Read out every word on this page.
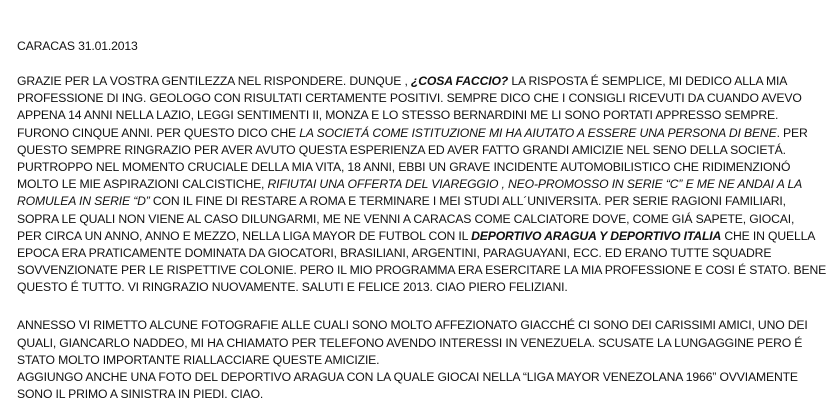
CARACAS 31.01.2013
GRAZIE PER LA VOSTRA GENTILEZZA NEL RISPONDERE. DUNQUE , ¿COSA FACCIO? LA RISPOSTA É SEMPLICE, MI DEDICO ALLA MIA
PROFESSIONE DI ING. GEOLOGO CON RISULTATI CERTAMENTE POSITIVI. SEMPRE DICO CHE I CONSIGLI RICEVUTI DA CUANDO AVEVO
APPENA 14 ANNI NELLA LAZIO, LEGGI SENTIMENTI II, MONZA E LO STESSO BERNARDINI ME LI SONO PORTATI APPRESSO SEMPRE.
FURONO CINQUE ANNI. PER QUESTO DICO CHE LA SOCIETÁ COME ISTITUZIONE MI HA AIUTATO A ESSERE UNA PERSONA DI BENE. PER
QUESTO SEMPRE RINGRAZIO PER AVER AVUTO QUESTA ESPERIENZA ED AVER FATTO GRANDI AMICIZIE NEL SENO DELLA SOCIETÁ.
PURTROPPO NEL MOMENTO CRUCIALE DELLA MIA VITA, 18 ANNI, EBBI UN GRAVE INCIDENTE AUTOMOBILISTICO CHE RIDIMENZIONÓ
MOLTO LE MIE ASPIRAZIONI CALCISTICHE, RIFIUTAI UNA OFFERTA DEL VIAREGGIO , NEO-PROMOSSO IN SERIE “C” E ME NE ANDAI A LA
ROMULEA IN SERIE “D” CON IL FINE DI RESTARE A ROMA E TERMINARE I MEI STUDI ALL´UNIVERSITA. PER SERIE RAGIONI FAMILIARI,
SOPRA LE QUALI NON VIENE AL CASO DILUNGARMI, ME NE VENNI A CARACAS COME CALCIATORE DOVE, COME GIÁ SAPETE, GIOCAI,
PER CIRCA UN ANNO, ANNO E MEZZO, NELLA LIGA MAYOR DE FUTBOL CON IL DEPORTIVO ARAGUA Y DEPORTIVO ITALIA CHE IN QUELLA
EPOCA ERA PRATICAMENTE DOMINATA DA GIOCATORI, BRASILIANI, ARGENTINI, PARAGUAYANI, ECC. ED ERANO TUTTE SQUADRE
SOVVENZIONATE PER LE RISPETTIVE COLONIE. PERO IL MIO PROGRAMMA ERA ESERCITARE LA MIA PROFESSIONE E COSI É STATO. BENE
QUESTO É TUTTO. VI RINGRAZIO NUOVAMENTE. SALUTI E FELICE 2013. CIAO PIERO FELIZIANI.
ANNESSO VI RIMETTO ALCUNE FOTOGRAFIE ALLE CUALI SONO MOLTO AFFEZIONATO GIACCHÉ CI SONO DEI CARISSIMI AMICI, UNO DEI
QUALI, GIANCARLO NADDEO, MI HA CHIAMATO PER TELEFONO AVENDO INTERESSI IN VENEZUELA. SCUSATE LA LUNGAGGINE PERO É
STATO MOLTO IMPORTANTE RIALLACCIARE QUESTE AMICIZIE.
AGGIUNGO ANCHE UNA FOTO DEL DEPORTIVO ARAGUA CON LA QUALE GIOCAI NELLA “LIGA MAYOR VENEZOLANA 1966” OVVIAMENTE
SONO IL PRIMO A SINISTRA IN PIEDI. CIAO.
